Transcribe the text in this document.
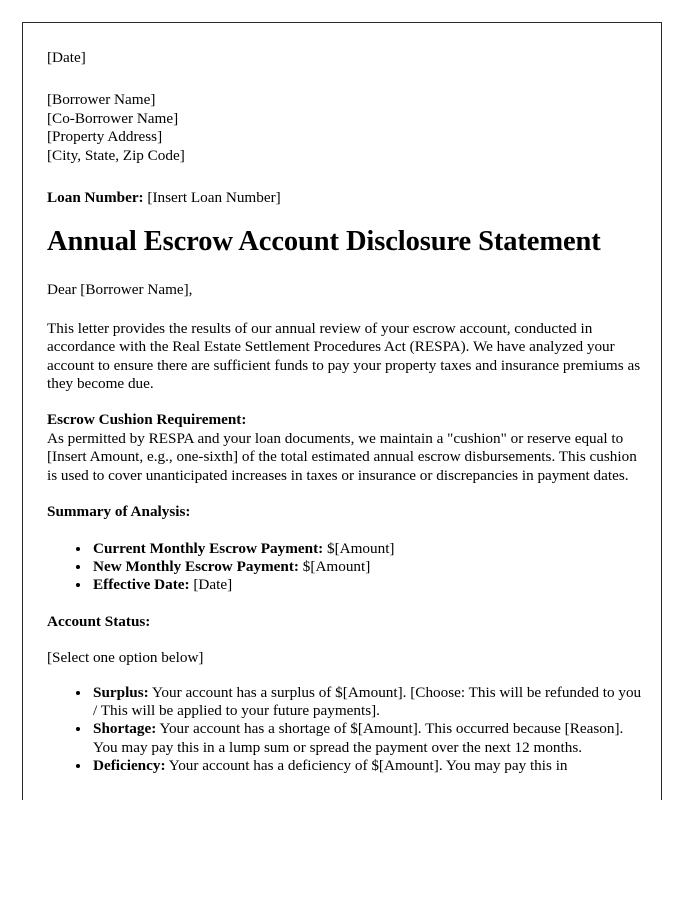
[Date]

[Borrower Name]

[Co-Borrower Name]

[Property Address]

[City, State, Zip Code]

Loan Number: [Insert Loan Number]

Annual Escrow Account Disclosure Statement

Dear [Borrower Name],

This letter provides the results of our annual review of your escrow account, conducted in accordance with the Real Estate Settlement Procedures Act (RESPA). We have analyzed your account to ensure there are sufficient funds to pay your property taxes and insurance premiums as they become due.

Escrow Cushion Requirement:

As permitted by RESPA and your loan documents, we maintain a "cushion" or reserve equal to [Insert Amount, e.g., one-sixth] of the total estimated annual escrow disbursements. This cushion is used to cover unanticipated increases in taxes or insurance or discrepancies in payment dates.

Summary of Analysis:

• Current Monthly Escrow Payment: $[Amount]
• New Monthly Escrow Payment: $[Amount]
• Effective Date: [Date]

Account Status:

[Select one option below]

• Surplus: Your account has a surplus of $[Amount]. [Choose: This will be refunded to you / This will be applied to your future payments].
• Shortage: Your account has a shortage of $[Amount]. This occurred because [Reason]. You may pay this in a lump sum or spread the payment over the next 12 months.
• Deficiency: Your account has a deficiency of $[Amount]. You may pay this in
